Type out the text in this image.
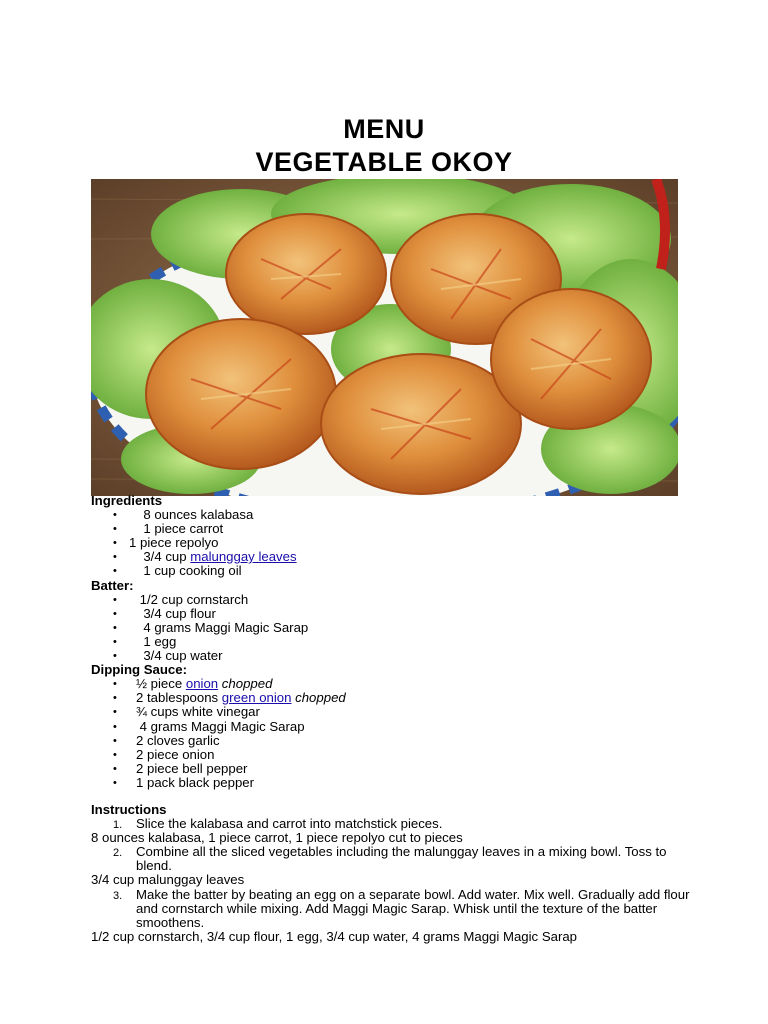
MENU
VEGETABLE OKOY
Ingredients
• 8 ounces kalabasa
• 1 piece carrot
• 1 piece repolyo
• 3/4 cup malunggay leaves
• 1 cup cooking oil
Batter:
• 1/2 cup cornstarch
• 3/4 cup flour
• 4 grams Maggi Magic Sarap
• 1 egg
• 3/4 cup water
Dipping Sauce:
• ½ piece onion chopped
• 2 tablespoons green onion chopped
• ¾ cups white vinegar
• 4 grams Maggi Magic Sarap
• 2 cloves garlic
• 2 piece onion
• 2 piece bell pepper
• 1 pack black pepper
Instructions
1. Slice the kalabasa and carrot into matchstick pieces.
8 ounces kalabasa, 1 piece carrot, 1 piece repolyo cut to pieces
2. Combine all the sliced vegetables including the malunggay leaves in a mixing bowl. Toss to blend.
3/4 cup malunggay leaves
3. Make the batter by beating an egg on a separate bowl. Add water. Mix well. Gradually add flour and cornstarch while mixing. Add Maggi Magic Sarap. Whisk until the texture of the batter smoothens.
1/2 cup cornstarch, 3/4 cup flour, 1 egg, 3/4 cup water, 4 grams Maggi Magic Sarap
